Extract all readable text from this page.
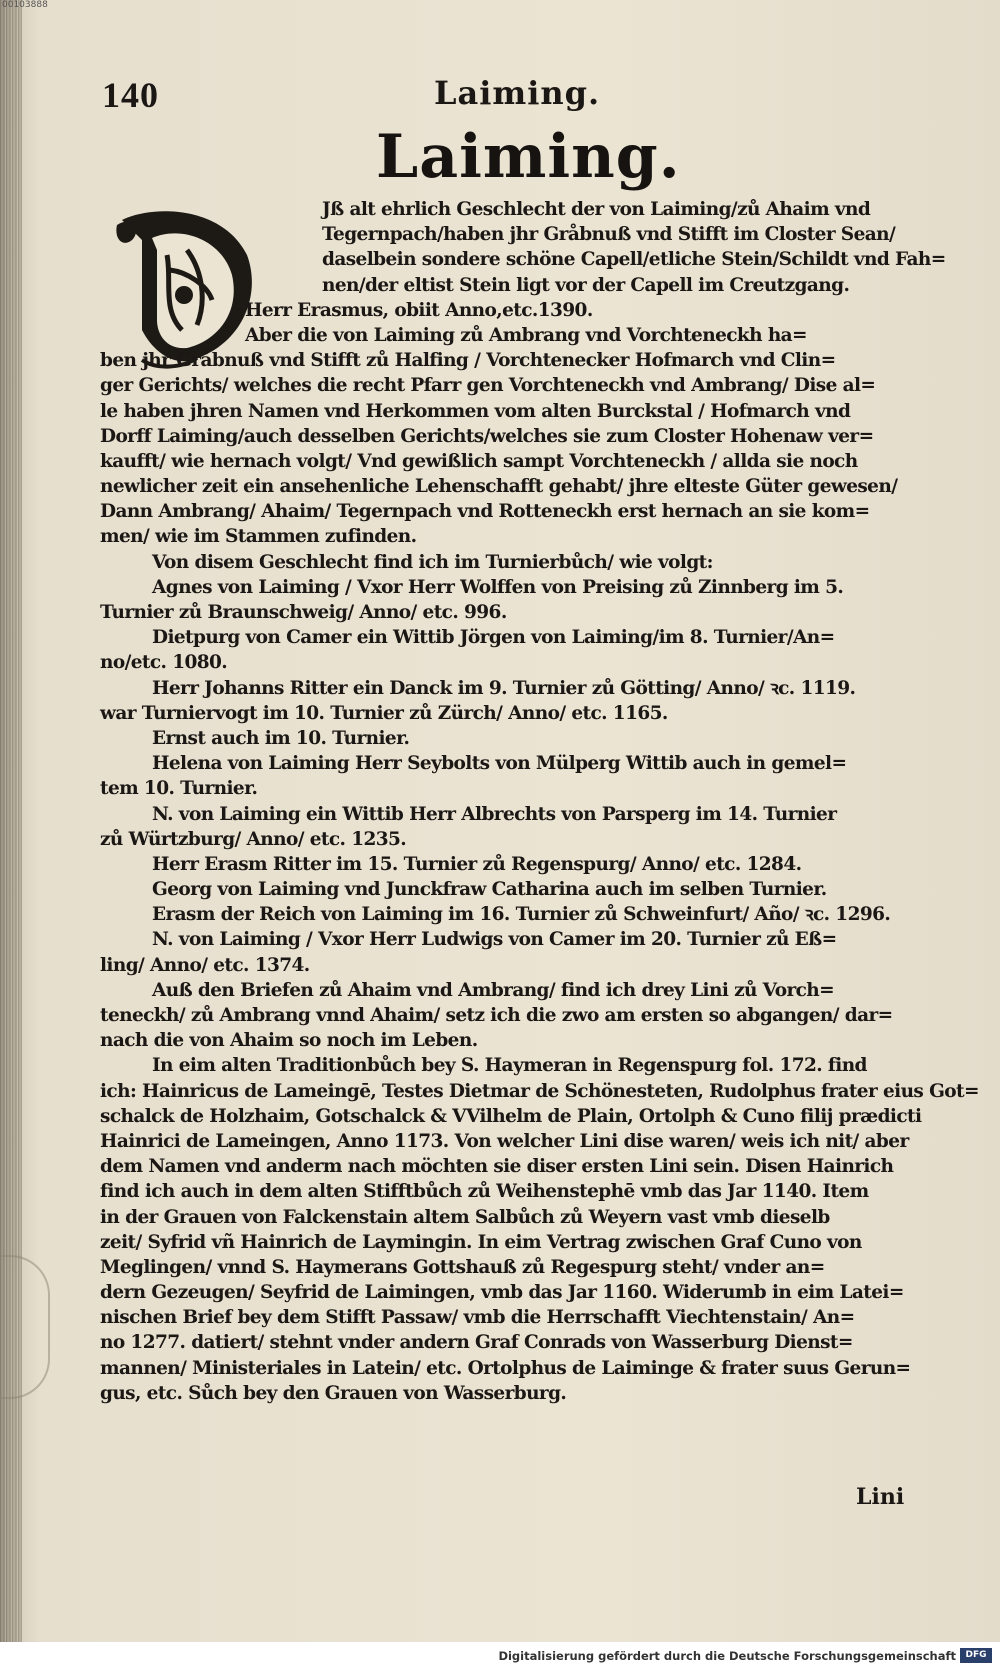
00103888
140	Laiming.
Laiming.
Jß alt ehrlich Geschlecht der von Laiming/zů Ahaim vnd
Tegernpach/haben jhr Gråbnuß vnd Stifft im Closter Sean/
daselbein sondere schöne Capell/etliche Stein/Schildt vnd Fah=
nen/der eltist Stein ligt vor der Capell im Creutzgang.
Herr Erasmus, obiit Anno,etc.1390.
Aber die von Laiming zů Ambrang vnd Vorchteneckh ha=
ben jhr Gråbnuß vnd Stifft zů Halfing / Vorchtenecker Hofmarch vnd Clin=
ger Gerichts/ welches die recht Pfarr gen Vorchteneckh vnd Ambrang/ Dise al=
le haben jhren Namen vnd Herkommen vom alten Burckstal / Hofmarch vnd
Dorff Laiming/auch desselben Gerichts/welches sie zum Closter Hohenaw ver=
kaufft/ wie hernach volgt/ Vnd gewißlich sampt Vorchteneckh / allda sie noch
newlicher zeit ein ansehenliche Lehenschafft gehabt/ jhre elteste Güter gewesen/
Dann Ambrang/ Ahaim/ Tegernpach vnd Rotteneckh erst hernach an sie kom=
men/ wie im Stammen zufinden.
Von disem Geschlecht find ich im Turnierbůch/ wie volgt:
Agnes von Laiming / Vxor Herr Wolffen von Preising zů Zinnberg im 5.
Turnier zů Braunschweig/ Anno/ etc. 996.
Dietpurg von Camer ein Wittib Jörgen von Laiming/im 8. Turnier/An=
no/etc. 1080.
Herr Johanns Ritter ein Danck im 9. Turnier zů Götting/ Anno/ ꝛc. 1119.
war Turniervogt im 10. Turnier zů Zürch/ Anno/ etc. 1165.
Ernst auch im 10. Turnier.
Helena von Laiming Herr Seybolts von Mülperg Wittib auch in gemel=
tem 10. Turnier.
N. von Laiming ein Wittib Herr Albrechts von Parsperg im 14. Turnier
zů Würtzburg/ Anno/ etc. 1235.
Herr Erasm Ritter im 15. Turnier zů Regenspurg/ Anno/ etc. 1284.
Georg von Laiming vnd Junckfraw Catharina auch im selben Turnier.
Erasm der Reich von Laiming im 16. Turnier zů Schweinfurt/ Año/ ꝛc. 1296.
N. von Laiming / Vxor Herr Ludwigs von Camer im 20. Turnier zů Eß=
ling/ Anno/ etc. 1374.
Auß den Briefen zů Ahaim vnd Ambrang/ find ich drey Lini zů Vorch=
teneckh/ zů Ambrang vnnd Ahaim/ setz ich die zwo am ersten so abgangen/ dar=
nach die von Ahaim so noch im Leben.
In eim alten Traditionbůch bey S. Haymeran in Regenspurg fol. 172. find
ich: Hainricus de Lameingē, Testes Dietmar de Schönesteten, Rudolphus frater eius Got=
schalck de Holzhaim, Gotschalck & VVilhelm de Plain, Ortolph & Cuno filij prædicti
Hainrici de Lameingen, Anno 1173. Von welcher Lini dise waren/ weis ich nit/ aber
dem Namen vnd anderm nach möchten sie diser ersten Lini sein. Disen Hainrich
find ich auch in dem alten Stifftbůch zů Weihenstephē vmb das Jar 1140. Item
in der Grauen von Falckenstain altem Salbůch zů Weyern vast vmb dieselb
zeit/ Syfrid vñ Hainrich de Laymingin. In eim Vertrag zwischen Graf Cuno von
Meglingen/ vnnd S. Haymerans Gottshauß zů Regespurg steht/ vnder an=
dern Gezeugen/ Seyfrid de Laimingen, vmb das Jar 1160. Widerumb in eim Latei=
nischen Brief bey dem Stifft Passaw/ vmb die Herrschafft Viechtenstain/ An=
no 1277. datiert/ stehnt vnder andern Graf Conrads von Wasserburg Dienst=
mannen/ Ministeriales in Latein/ etc. Ortolphus de Laiminge & frater suus Gerun=
gus, etc. Sůch bey den Grauen von Wasserburg.
Lini
Digitalisierung gefördert durch die Deutsche Forschungsgemeinschaft	DFG
